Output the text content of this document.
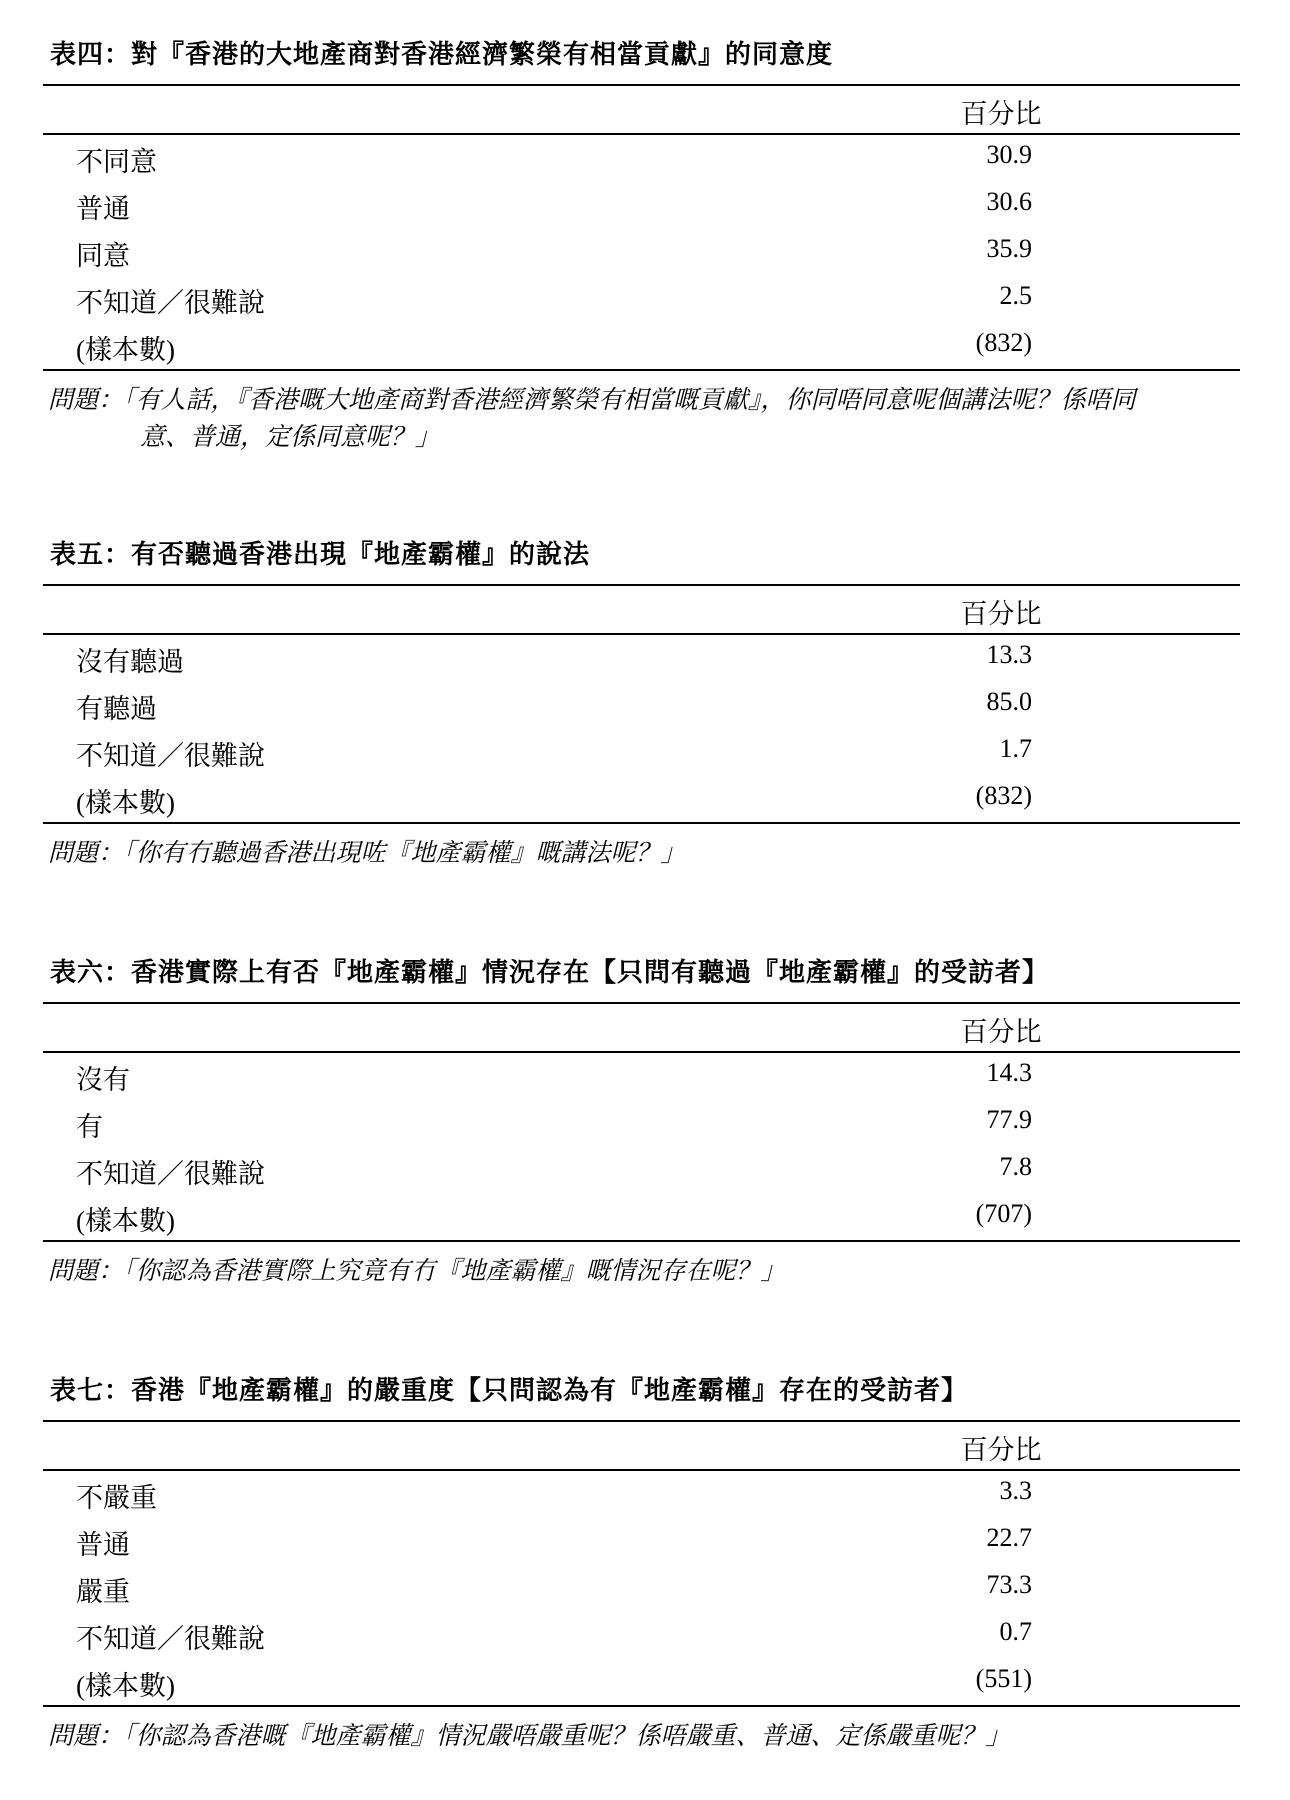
表四：對『香港的大地產商對香港經濟繁榮有相當貢獻』的同意度
百分比
不同意	30.9
普通	30.6
同意	35.9
不知道／很難說	2.5
(樣本數)	(832)
問題：「有人話，『香港嘅大地產商對香港經濟繁榮有相當嘅貢獻』，你同唔同意呢個講法呢？係唔同
意、普通，定係同意呢？」
表五：有否聽過香港出現『地產霸權』的說法
百分比
沒有聽過	13.3
有聽過	85.0
不知道／很難說	1.7
(樣本數)	(832)
問題：「你有冇聽過香港出現咗『地產霸權』嘅講法呢？」
表六：香港實際上有否『地產霸權』情況存在【只問有聽過『地產霸權』的受訪者】
百分比
沒有	14.3
有	77.9
不知道／很難說	7.8
(樣本數)	(707)
問題：「你認為香港實際上究竟有冇『地產霸權』嘅情況存在呢？」
表七：香港『地產霸權』的嚴重度【只問認為有『地產霸權』存在的受訪者】
百分比
不嚴重	3.3
普通	22.7
嚴重	73.3
不知道／很難說	0.7
(樣本數)	(551)
問題：「你認為香港嘅『地產霸權』情況嚴唔嚴重呢？係唔嚴重、普通、定係嚴重呢？」
